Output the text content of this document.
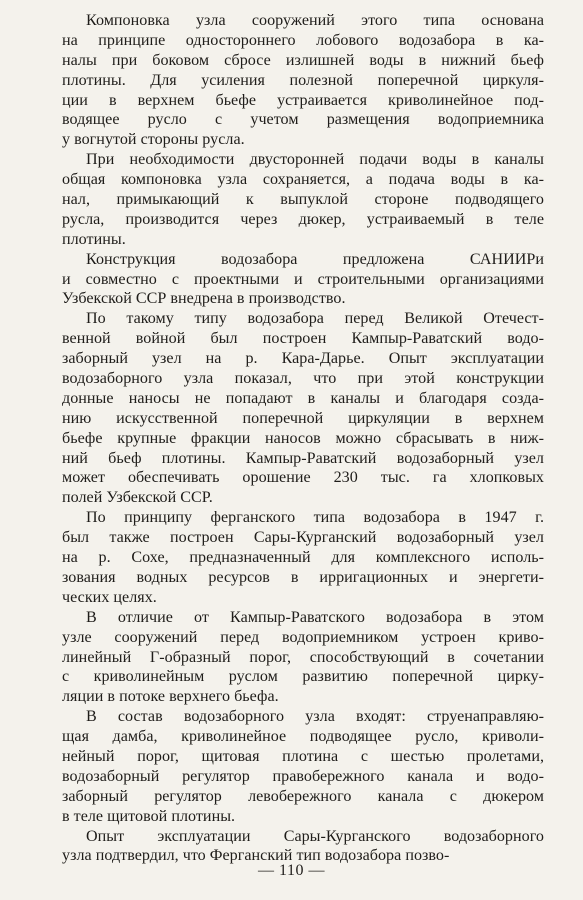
Компоновка узла сооружений этого типа основана
на принципе одностороннего лобового водозабора в ка-
налы при боковом сбросе излишней воды в нижний бьеф
плотины. Для усиления полезной поперечной циркуля-
ции в верхнем бьефе устраивается криволинейное под-
водящее русло с учетом размещения водоприемника
у вогнутой стороны русла.
При необходимости двусторонней подачи воды в каналы
общая компоновка узла сохраняется, а подача воды в ка-
нал, примыкающий к выпуклой стороне подводящего
русла, производится через дюкер, устраиваемый в теле
плотины.
Конструкция водозабора предложена САНИИРи
и совместно с проектными и строительными организациями
Узбекской ССР внедрена в производство.
По такому типу водозабора перед Великой Отечест-
венной войной был построен Кампыр-Раватский водо-
заборный узел на р. Кара-Дарье. Опыт эксплуатации
водозаборного узла показал, что при этой конструкции
донные наносы не попадают в каналы и благодаря созда-
нию искусственной поперечной циркуляции в верхнем
бьефе крупные фракции наносов можно сбрасывать в ниж-
ний бьеф плотины. Кампыр-Раватский водозаборный узел
может обеспечивать орошение 230 тыс. га хлопковых
полей Узбекской ССР.
По принципу ферганского типа водозабора в 1947 г.
был также построен Сары-Курганский водозаборный узел
на р. Сохе, предназначенный для комплексного исполь-
зования водных ресурсов в ирригационных и энергети-
ческих целях.
В отличие от Кампыр-Раватского водозабора в этом
узле сооружений перед водоприемником устроен криво-
линейный Г-образный порог, способствующий в сочетании
с криволинейным руслом развитию поперечной цирку-
ляции в потоке верхнего бьефа.
В состав водозаборного узла входят: струенаправляю-
щая дамба, криволинейное подводящее русло, криволи-
нейный порог, щитовая плотина с шестью пролетами,
водозаборный регулятор правобережного канала и водо-
заборный регулятор левобережного канала с дюкером
в теле щитовой плотины.
Опыт эксплуатации Сары-Курганского водозаборного
узла подтвердил, что Ферганский тип водозабора позво-
— 110 —
